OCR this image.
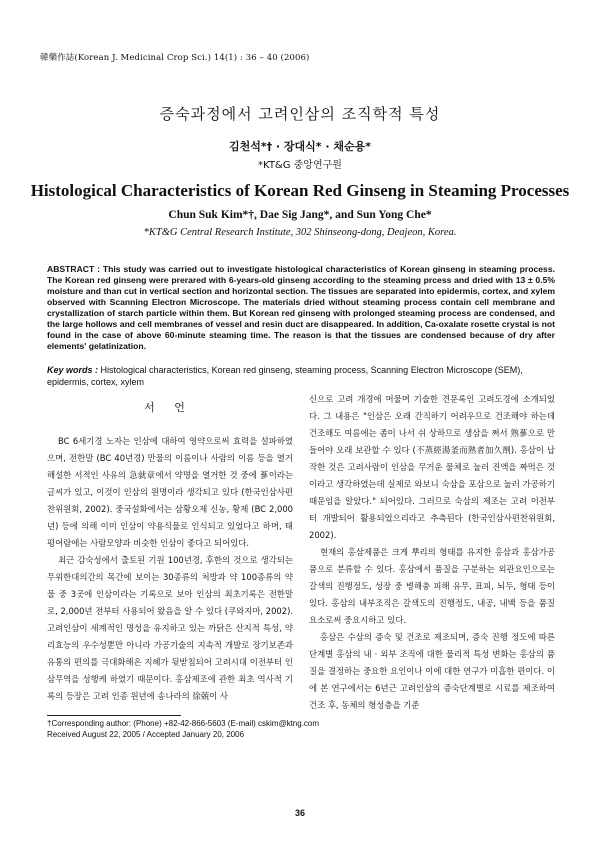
韓藥作誌(Korean J. Medicinal Crop Sci.) 14(1) : 36 – 40 (2006)
증숙과정에서 고려인삼의 조직학적 특성
김천석*† · 장대식* · 채순용*
*KT&G 중앙연구원
Histological Characteristics of Korean Red Ginseng in Steaming Processes
Chun Suk Kim*†, Dae Sig Jang*, and Sun Yong Che*
*KT&G Central Research Institute, 302 Shinseong-dong, Deajeon, Korea.
ABSTRACT : This study was carried out to investigate histological characteristics of Korean ginseng in steaming process. The Korean red ginseng were prerared with 6-years-old ginseng according to the steaming prcess and dried with 13 ± 0.5% moisture and than cut in vertical section and horizontal section. The tissues are separated into epidermis, cortex, and xylem observed with Scanning Electron Microscope. The materials dried without steaming process contain cell membrane and crystallization of starch particle within them. But Korean red ginseng with prolonged steaming process are condensed, and the large hollows and cell membranes of vessel and resin duct are disappeared. In addition, Ca-oxalate rosette crystal is not found in the case of above 60-minute steaming time. The reason is that the tissues are condensed because of dry after elements' gelatinization.
Key words : Histological characteristics, Korean red ginseng, steaming process, Scanning Electron Microscope (SEM), epidermis, cortex, xylem
서 언

BC 6세기경 노자는 인삼에 대하여 영약으로써 효력을 설파하였으며, 전한말 (BC 40년경) 만물의 이름이나 사람의 이름 등을 열거 해설한 서적인 사유의 急就章에서 약명을 열거한 것 중에 蔘이라는 글씨가 있고, 이것이 인삼의 원명이라 생각되고 있다 (한국인삼사편찬위원회, 2002). 중국설화에서는 삼황오제 신농, 황제 (BC 2,000년) 등에 의해 이미 인삼이 약용식물로 인식되고 있었다고 하며, 태평어람에는 사람모양과 비슷한 인삼이 좋다고 되어있다.

최근 감숙성에서 출토된 기원 100년경, 후한의 것으로 생각되는 무위한대의간의 목간에 보이는 30종류의 처방과 약 100종류의 약물 중 3곳에 인삼이라는 기록으로 보아 인삼의 최초기록은 전한말로, 2,000년 전부터 사용되어 왔음을 알 수 있다 (쿠와지마, 2002). 고려인삼이 세계적인 명성을 유지하고 있는 까닭은 산지적 특성, 약리효능의 우수성뿐만 아니라 가공기술의 지속적 개발로 장기보존과 유통의 편의를 극대화해온 지혜가 뒷받침되어 고려시대 이전부터 인삼무역을 성행케 하였기 때문이다. 홍삼제조에 관한 최초 역사적 기록의 등장은 고려 인종 원년에 송나라의 徐兢이 사

신으로 고려 개경에 머물며 기술한 견문록인 고려도경에 소개되었다. 그 내용은 "인삼은 오래 간직하기 어려우므로 건조해야 하는데 건조해도 여름에는 좀이 나서 쉬 상하므로 생삼을 쪄서 熟蔘으로 만들어야 오래 보관할 수 있다 (不蒸經湯釜而熟者加久劑). 홍삼이 납작한 것은 고려사람이 인삼을 무거운 물체로 눌러 진액을 짜먹은 것이라고 생각하였는데 실제로 와보니 숙삼을 포삼으로 눌러 가공하기 때문임을 알았다." 되어있다. 그러므로 숙삼의 제조는 고려 이전부터 개발되어 활용되었으리라고 추측된다 (한국인삼사편찬위원회, 2002).

현재의 홍삼제품은 크게 뿌리의 형태를 유지한 홍삼과 홍삼가공품으로 분류할 수 있다. 홍삼에서 품질을 구분하는 외관요인으로는 갈색의 진행정도, 성장 중 병해충 피해 유무, 표피, 뇌두, 형태 등이 있다. 홍삼의 내부조직은 갈색도의 진행정도, 내공, 내백 등을 품질요소로써 중요시하고 있다.

홍삼은 수삼의 증숙 및 건조로 제조되며, 증숙 진행 정도에 따른 단계별 홍삼의 내 · 외부 조직에 대한 물리적 특성 변화는 홍삼의 품질을 결정하는 중요한 요인이나 이에 대한 연구가 미흡한 편이다. 이에 본 연구에서는 6년근 고려인삼의 증숙단계별로 시료를 제조하여 건조 후, 동체의 형성층을 기준

†Corresponding author: (Phone) +82-42-866-5603 (E-mail) cskim@ktng.com
Received August 22, 2005 / Accepted January 20, 2006
36
